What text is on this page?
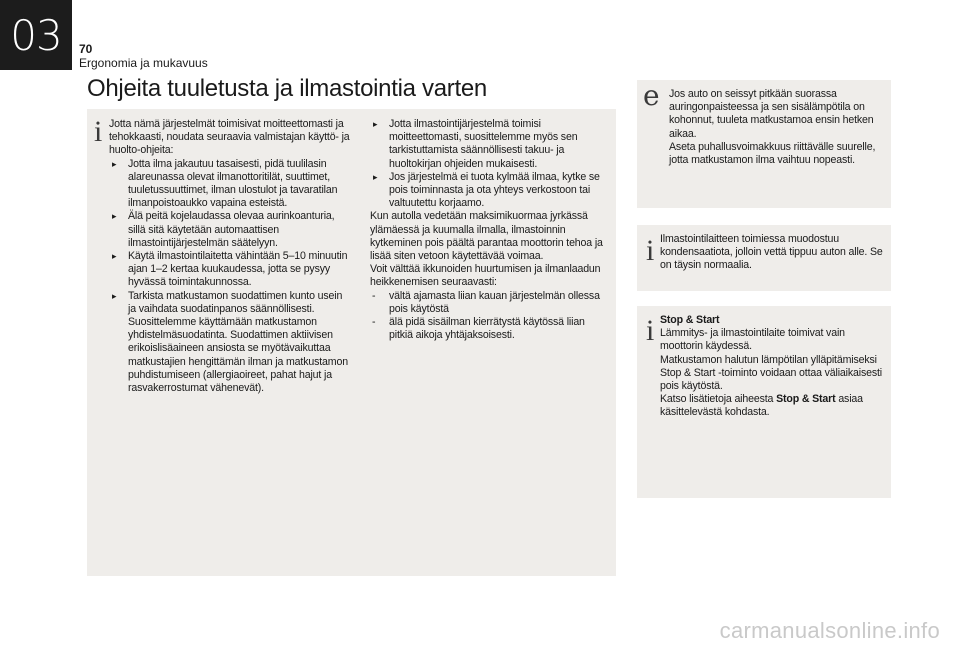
03	70
Ergonomia ja mukavuus
Ohjeita tuuletusta ja ilmastointia varten
i Jotta nämä järjestelmät toimisivat moitteettomasti ja tehokkaasti, noudata seuraavia valmistajan käyttö- ja huolto-ohjeita:

▸ Jotta ilma jakautuu tasaisesti, pidä tuulilasin alareunassa olevat ilmanottoritilät, suuttimet, tuuletussuuttimet, ilman ulostulot ja tavaratilan ilmanpoistoaukko vapaina esteistä.

▸ Älä peitä kojelaudassa olevaa aurinkoanturia, sillä sitä käytetään automaattisen ilmastointijärjestelmän säätelyyn.

▸ Käytä ilmastointilaitetta vähintään 5–10 minuutin ajan 1–2 kertaa kuukaudessa, jotta se pysyy hyvässä toimintakunnossa.

▸ Tarkista matkustamon suodattimen kunto usein ja vaihdata suodatinpanos säännöllisesti. Suosittelemme käyttämään matkustamon yhdistelmäsuodatinta. Suodattimen aktiivisen erikoislisäaineen ansiosta se myötävaikuttaa matkustajien hengittämän ilman ja matkustamon puhdistumiseen (allergiaoireet, pahat hajut ja rasvakerrostumat vähenevät).

▸ Jotta ilmastointijärjestelmä toimisi moitteettomasti, suosittelemme myös sen tarkistuttamista säännöllisesti takuu- ja huoltokirjan ohjeiden mukaisesti.

▸ Jos järjestelmä ei tuota kylmää ilmaa, kytke se pois toiminnasta ja ota yhteys verkostoon tai valtuutettu korjaamo.

Kun autolla vedetään maksimikuormaa jyrkässä ylämäessä ja kuumalla ilmalla, ilmastoinnin kytkeminen pois päältä parantaa moottorin tehoa ja lisää siten vetoon käytettävää voimaa.

Voit välttää ikkunoiden huurtumisen ja ilmanlaadun heikkenemisen seuraavasti:

- vältä ajamasta liian kauan järjestelmän ollessa pois käytöstä

- älä pidä sisäilman kierrätystä käytössä liian pitkiä aikoja yhtäjaksoisesti.

e Jos auto on seissyt pitkään suorassa auringonpaisteessa ja sen sisälämpötila on kohonnut, tuuleta matkustamoa ensin hetken aikaa.

Aseta puhallusvoimakkuus riittävälle suurelle, jotta matkustamon ilma vaihtuu nopeasti.

i Ilmastointilaitteen toimiessa muodostuu kondensaatiota, jolloin vettä tippuu auton alle. Se on täysin normaalia.

i Stop & Start

Lämmitys- ja ilmastointilaite toimivat vain moottorin käydessä.

Matkustamon halutun lämpötilan ylläpitämiseksi Stop & Start -toiminto voidaan ottaa väliaikaisesti pois käytöstä.

Katso lisätietoja aiheesta Stop & Start asiaa käsittelevästä kohdasta.

carmanualsonline.info
